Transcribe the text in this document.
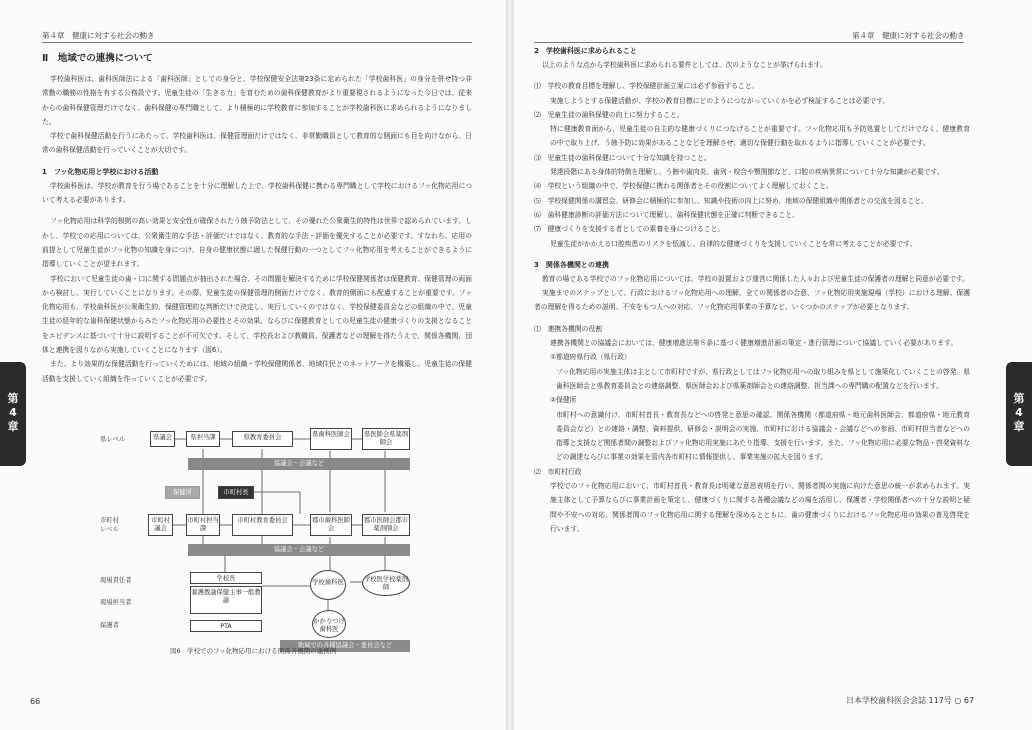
第４章　健康に対する社会の動き
Ⅱ　地域での連携について

学校歯科医は、歯科医師法による「歯科医師」としての身分と、学校保健安全法第23条に定められた「学校歯科医」の身分を併せ持つ非常勤の職務の性格を有する公務員です。児童生徒の「生きる力」を育むための歯科保健教育がより重要視されるようになった今日では、従来からの歯科保健管理だけでなく、歯科保健の専門職として、より積極的に学校教育に参加することが学校歯科医に求められるようになりました。

学校で歯科保健活動を行うにあたって、学校歯科医は、保健管理面だけではなく、非常勤職員として教育的な側面にも目を向けながら、日常の歯科保健活動を行っていくことが大切です。

1　フッ化物応用と学校における活動

学校歯科医は、学校が教育を行う場であることを十分に理解した上で、学校歯科保健に携わる専門職として学校におけるフッ化物応用について考える必要があります。

フッ化物応用は科学的根拠の高い効果と安全性が確保されたう蝕予防法として、その優れた公衆衛生的特性は世界で認められています。しかし、学校での応用については、公衆衛生的な手法・評価だけではなく、教育的な手法・評価を優先することが必要です。すなわち、応用の前提として児童生徒がフッ化物の知識を身につけ、自身の健康状態に適した保健行動の一つとしてフッ化物応用を考えることができるように指導していくことが望まれます。

学校において児童生徒の歯・口に関する問題点が抽出された場合、その問題を解決するために学校保健関係者は保健教育、保健管理の両面から検討し、実行していくことになります。その際、児童生徒の保健管理的側面だけでなく、教育的側面にも配慮することが重要です。フッ化物応用も、学校歯科医が公衆衛生的、保健管理的な判断だけで決定し、実行していくのではなく、学校保健委員会などの組織の中で、児童生徒の経年的な歯科保健状態からみたフッ化物応用の必要性とその効果、ならびに保健教育としての児童生徒の健康づくりの支援となることをエビデンスに基づいて十分に説明することが不可欠です。そして、学校長および教職員、保護者などの理解を得たうえで、関係各機関、団体と連携を図りながら実施していくことになります（図6）。

また、より効果的な保健活動を行っていくためには、地域の組織・学校保健関係者、地域住民とのネットワークを構築し、児童生徒の保健活動を支援していく組織を作っていくことが必要です。

県レベル
市町村レベル
現場責任者
現場担当者
保護者
県議会	県担当課	県教育委員会	県歯科医師会	県医師会県薬剤師会
協議会・会議など
保健所	市町村長
市町村議会
市町村担当課
市町村教育委員会	郡市歯科医師会
郡市医師会郡市薬剤師会
協議会・会議など
学校長
養護教諭保健主事一般教諭
PTA
学校歯科医	学校医学校薬剤師
かかりつけ歯科医
地域での各種協議会・委員会など
図6　学校でのフッ化物応用における関係各機関の連携例
第
4
章
66
第４章　健康に対する社会の動き
2　学校歯科医に求められること

以上のような点から学校歯科医に求められる要件としては、次のようなことが挙げられます。

⑴　学校の教育目標を理解し、学校保健計画立案には必ず参画すること。

実施しようとする保健活動が、学校の教育目標にどのようにつながっていくかを必ず検証することは必要です。

⑵　児童生徒の歯科保健の向上に努力すること。

特に健康教育面から、児童生徒の自主的な健康づくりにつなげることが重要です。フッ化物応用も予防処置としてだけでなく、健康教育の中で取り上げ、う蝕予防に効果があることなどを理解させ、適切な保健行動を取れるように指導していくことが必要です。

⑶　児童生徒の歯科保健について十分な知識を持つこと。

発達段階にある身体的特徴を理解し、う蝕や歯肉炎、歯列・咬合や顎関節など、口腔の疾病異常について十分な知識が必要です。

⑷　学校という組織の中で、学校保健に携わる関係者とその役割についてよく理解しておくこと。

⑸　学校保健関係の講習会、研修会に積極的に参加し、知識や技術の向上に努め、地域の保健組織や関係者との交流を図ること。

⑹　歯科健康診断の評価方法について理解し、歯科保健状態を正確に判断できること。

⑺　健康づくりを支援する者としての素養を身につけること。

児童生徒がかかえる口腔疾患のリスクを低減し、自律的な健康づくりを支援していくことを常に考えることが必要です。

3　関係各機関との連携

教育の場である学校でのフッ化物応用については、学校の設置および運営に関係した人々および児童生徒の保護者の理解と同意が必要です。

実施までのステップとして、行政におけるフッ化物応用への理解、全ての関係者の合意、フッ化物応用実施現場（学校）における理解、保護者の理解を得るための説明、不安をもつ人への対応、フッ化物応用事業の予算など、いくつかのステップが必要となります。

⑴　連携各機関の役割

連携各機関との協議会においては、健康増進法第８条に基づく健康増進計画の策定・進行管理について協議していく必要があります。

①都道府県行政（県行政）

フッ化物応用の実施主体は主として市町村ですが、県行政としてはフッ化物応用への取り組みを県として施策化していくことの啓発、県歯科医師会と県教育委員会との連絡調整、県医師会および県薬剤師会との連絡調整、担当課への専門職の配置などを行います。

②保健所

市町村への意識付け、市町村首長・教育長などへの啓発と意思の確認、関係各機関（都道府県・地元歯科医師会、都道府県・地元教育委員会など）との連絡・調整、資料提供、研修会・説明会の実施、市町村における協議会・会議などへの参画、市町村担当者などへの指導と支援など関係者間の調整およびフッ化物応用実施にあたり指導、支援を行います。また、フッ化物応用に必要な物品・啓発資料などの調達ならびに事業の効果を管内各市町村に情報提供し、事業実施の拡大を図ります。

⑵　市町村行政

学校でのフッ化物応用において、市町村首長・教育長は明確な意思表明を行い、関係者間の実施に向けた意思の統一が求められます。実施主体として予算ならびに事業計画を策定し、健康づくりに関する各種会議などの場を活用し、保護者・学校関係者への十分な説明と疑問や不安への対応、関係者間のフッ化物応用に関する理解を深めるとともに、歯の健康づくりにおけるフッ化物応用の効果の普及啓発を行います。

第
4
章
日本学校歯科医会会誌 117号 ○ 67
